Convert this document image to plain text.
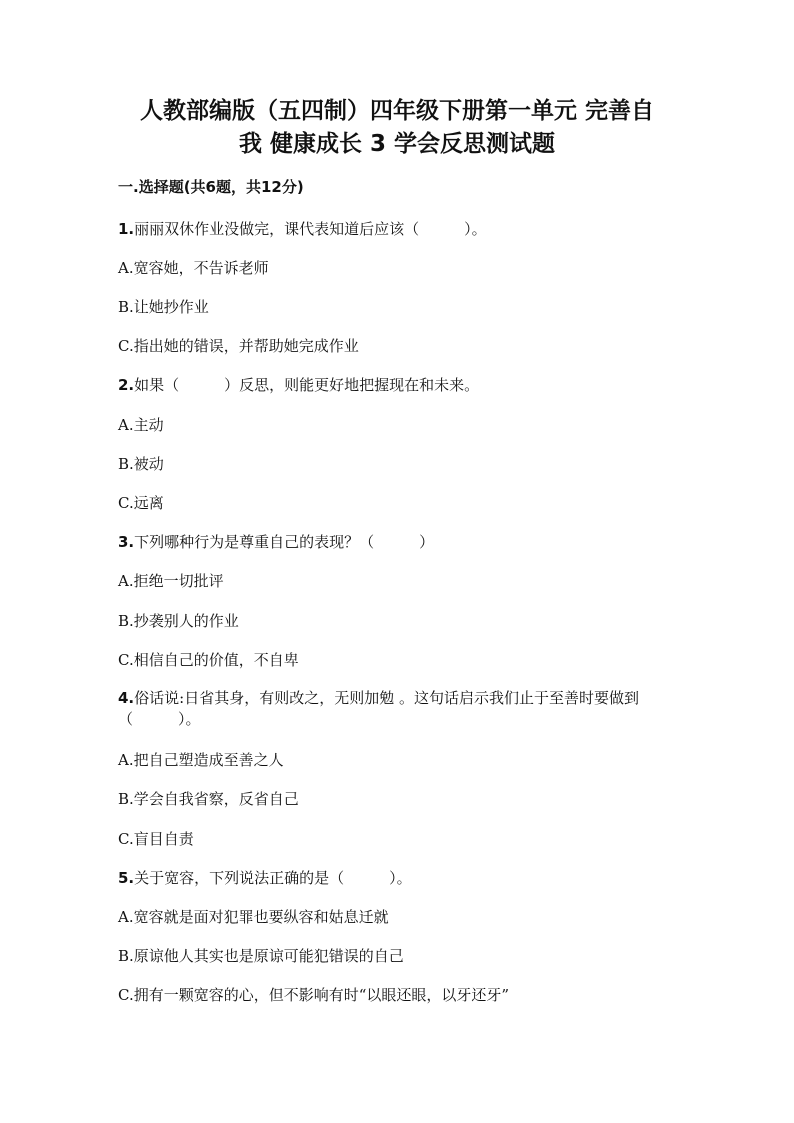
人教部编版（五四制）四年级下册第一单元 完善自
我 健康成长 3 学会反思测试题
一.选择题(共6题，共12分)
1.丽丽双休作业没做完，课代表知道后应该（　　　）。
A.宽容她，不告诉老师
B.让她抄作业
C.指出她的错误，并帮助她完成作业
2.如果（　　　）反思，则能更好地把握现在和未来。
A.主动
B.被动
C.远离
3.下列哪种行为是尊重自己的表现？（　　　）
A.拒绝一切批评
B.抄袭别人的作业
C.相信自己的价值，不自卑
4.俗话说:日省其身，有则改之，无则加勉 。这句话启示我们止于至善时要做到（　　　）。
A.把自己塑造成至善之人
B.学会自我省察，反省自己
C.盲目自责
5.关于宽容，下列说法正确的是（　　　）。
A.宽容就是面对犯罪也要纵容和姑息迁就
B.原谅他人其实也是原谅可能犯错误的自己
C.拥有一颗宽容的心，但不影响有时“以眼还眼，以牙还牙”
